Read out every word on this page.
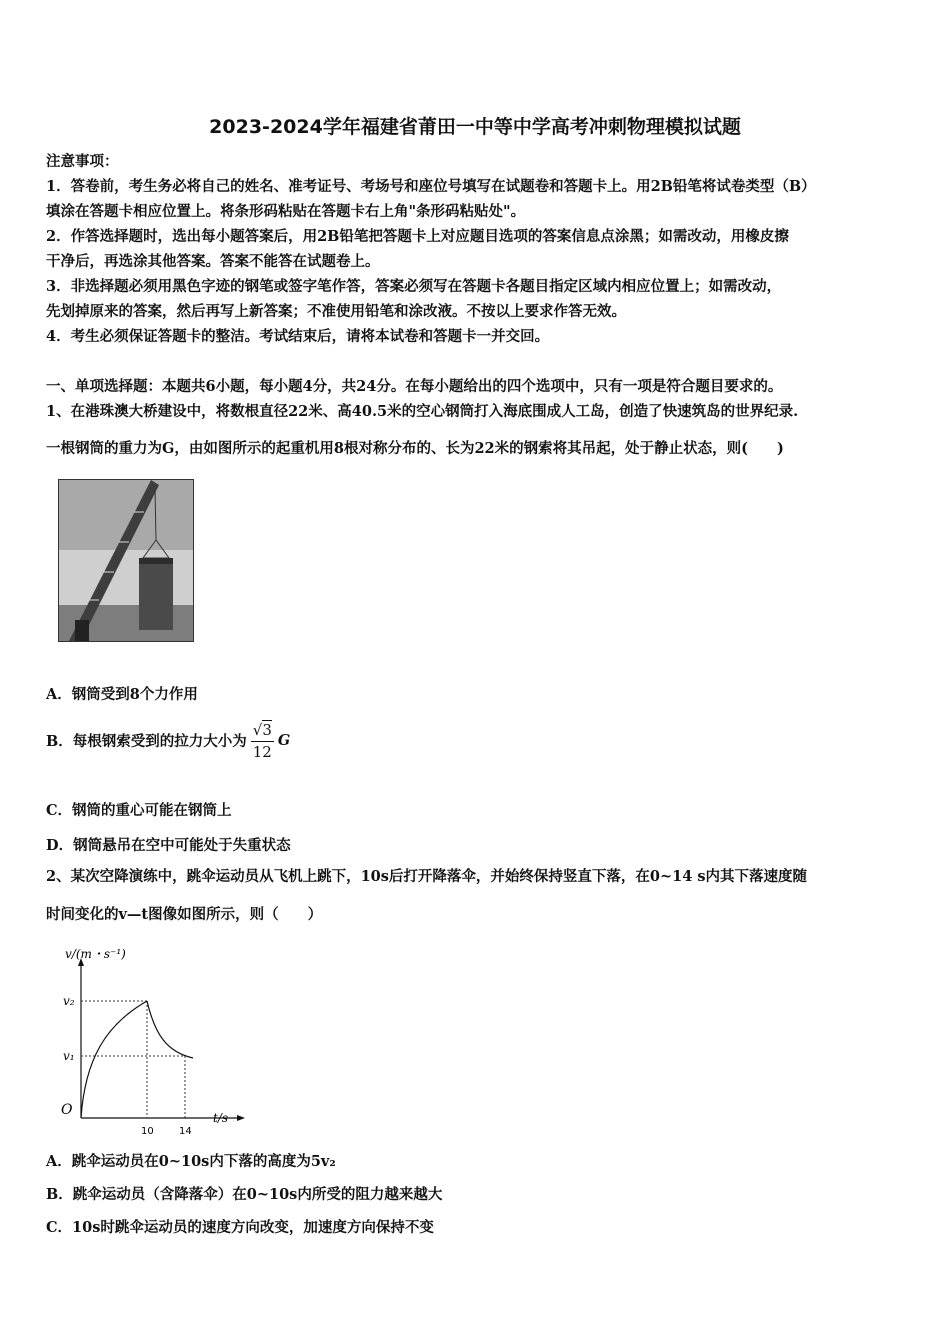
2023-2024学年福建省莆田一中等中学高考冲刺物理模拟试题
注意事项：
1．答卷前，考生务必将自己的姓名、准考证号、考场号和座位号填写在试题卷和答题卡上。用2B铅笔将试卷类型（B）
填涂在答题卡相应位置上。将条形码粘贴在答题卡右上角"条形码粘贴处"。
2．作答选择题时，选出每小题答案后，用2B铅笔把答题卡上对应题目选项的答案信息点涂黑；如需改动，用橡皮擦
干净后，再选涂其他答案。答案不能答在试题卷上。
3．非选择题必须用黑色字迹的钢笔或签字笔作答，答案必须写在答题卡各题目指定区域内相应位置上；如需改动，
先划掉原来的答案，然后再写上新答案；不准使用铅笔和涂改液。不按以上要求作答无效。
4．考生必须保证答题卡的整洁。考试结束后，请将本试卷和答题卡一并交回。
一、单项选择题：本题共6小题，每小题4分，共24分。在每小题给出的四个选项中，只有一项是符合题目要求的。
1、在港珠澳大桥建设中，将数根直径22米、高40.5米的空心钢筒打入海底围成人工岛，创造了快速筑岛的世界纪录.
一根钢筒的重力为G，由如图所示的起重机用8根对称分布的、长为22米的钢索将其吊起，处于静止状态，则(　　)
A．钢筒受到8个力作用
B．每根钢索受到的拉力大小为 $\frac{√3}{12}$ G
C．钢筒的重心可能在钢筒上
D．钢筒悬吊在空中可能处于失重状态
2、某次空降演练中，跳伞运动员从飞机上跳下，10s后打开降落伞，并始终保持竖直下落，在0~14 s内其下落速度随
时间变化的v—t图像如图所示，则（　　）
v/(m・s⁻¹)
t/s
O
v₂
v₁
10	14
A．跳伞运动员在0~10s内下落的高度为5v₂
B．跳伞运动员（含降落伞）在0~10s内所受的阻力越来越大
C．10s时跳伞运动员的速度方向改变，加速度方向保持不变
